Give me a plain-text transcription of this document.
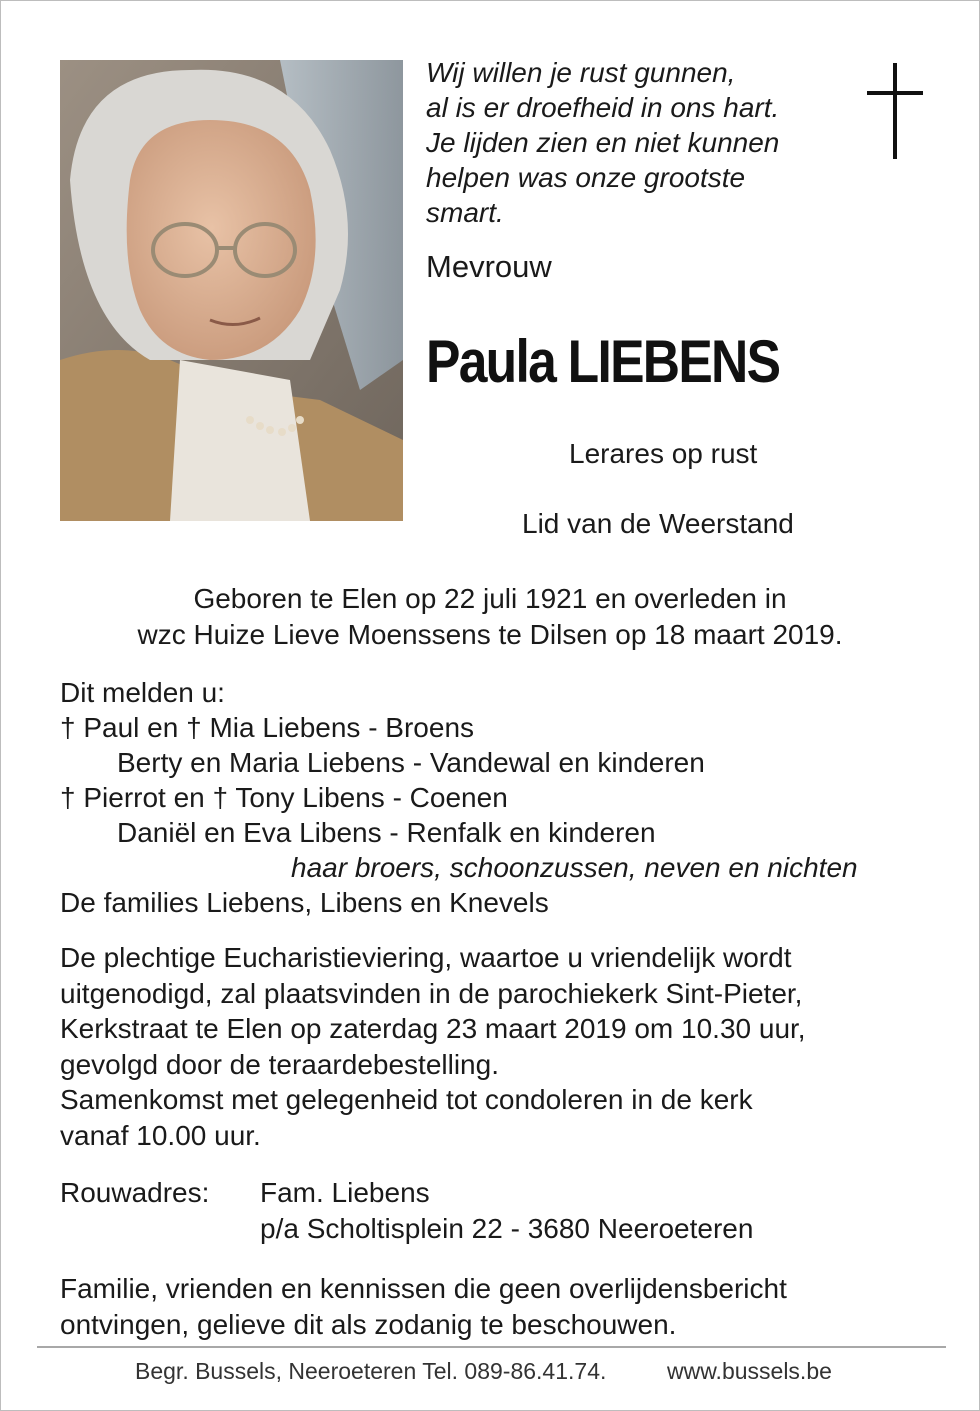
Wij willen je rust gunnen,
al is er droefheid in ons hart.
Je lijden zien en niet kunnen
helpen was onze grootste
smart.
Mevrouw
Paula LIEBENS
Lerares op rust
Lid van de Weerstand
Geboren te Elen op 22 juli 1921 en overleden in
wzc Huize Lieve Moenssens te Dilsen op 18 maart 2019.
Dit melden u:
† Paul en † Mia Liebens - Broens
Berty en Maria Liebens - Vandewal en kinderen
† Pierrot en † Tony Libens - Coenen
Daniël en Eva Libens - Renfalk en kinderen
haar broers, schoonzussen, neven en nichten
De families Liebens, Libens en Knevels
De plechtige Eucharistieviering, waartoe u vriendelijk wordt
uitgenodigd, zal plaatsvinden in de parochiekerk Sint-Pieter,
Kerkstraat te Elen op zaterdag 23 maart 2019 om 10.30 uur,
gevolgd door de teraardebestelling.
Samenkomst met gelegenheid tot condoleren in de kerk
vanaf 10.00 uur.
Rouwadres: Fam. Liebens
p/a Scholtisplein 22 - 3680 Neeroeteren
Familie, vrienden en kennissen die geen overlijdensbericht
ontvingen, gelieve dit als zodanig te beschouwen.
Begr. Bussels, Neeroeteren Tel. 089-86.41.74.	www.bussels.be
